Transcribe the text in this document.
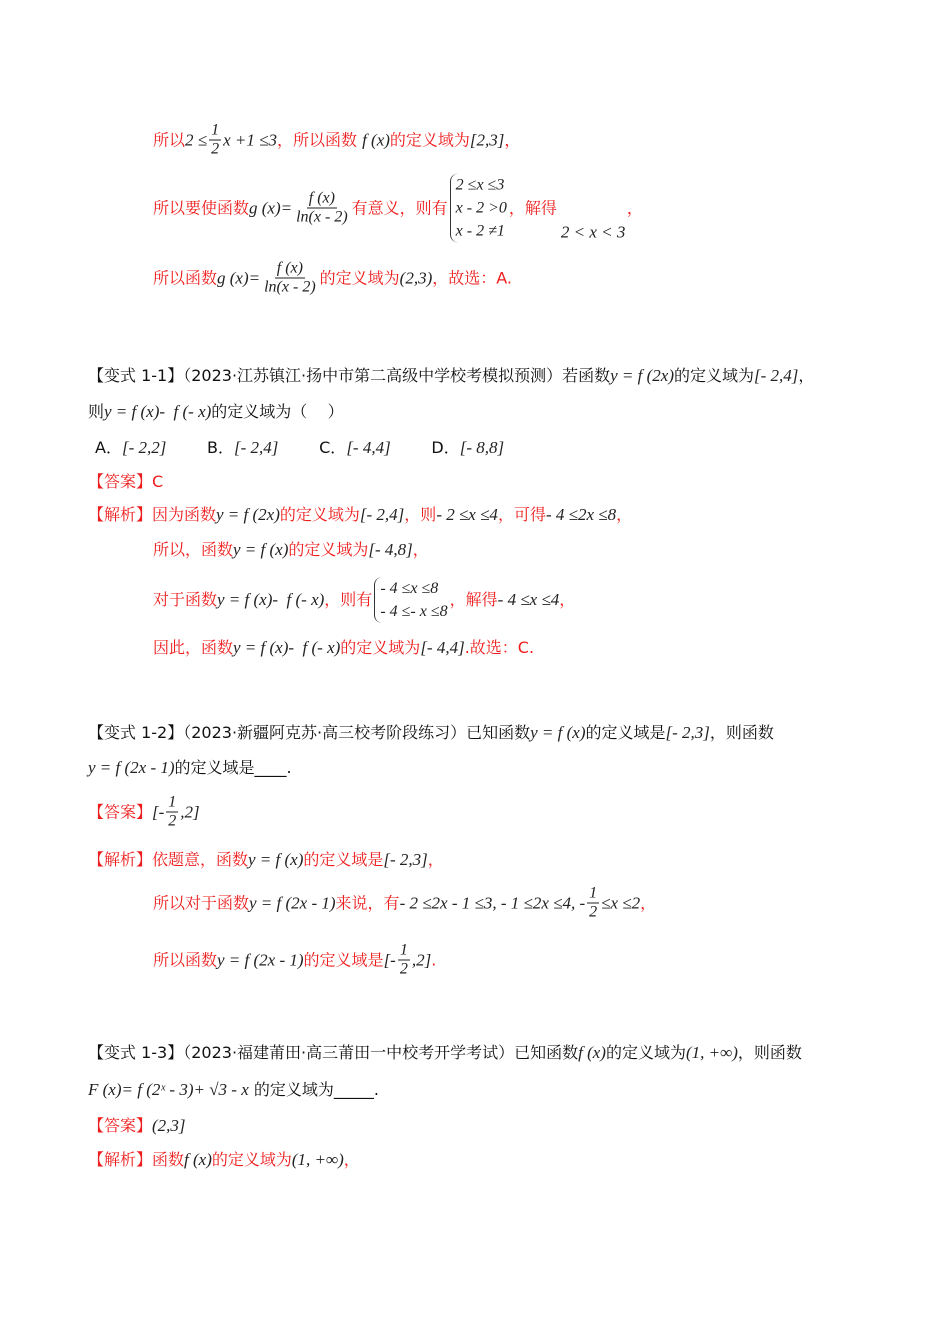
所以 $2 \le \frac{1}{2}$ x +1 ≤3 ，所以函数 f (x) 的定义域为 [2,3] ，
所以要使函数 g $(x)= \frac{f (x)}{\ln(x - 2)}$ 有意义，则有
2 ≤x ≤3
x - 2 >0
x - 2 ≠1
，解得
2 < x < 3
，
所以函数 g $(x)= \frac{f (x)}{\ln(x - 2)}$ 的定义域为 (2,3) ，故选：A.
【变式 1-1】（2023·江苏镇江·扬中市第二高级中学校考模拟预测）若函数 y = f (2x) 的定义域为 [- 2,4] ，
则 y = f (x)-  f (- x) 的定义域为（    ）
A． [- 2,2] B． [- 2,4] C． [- 4,4] D． [- 8,8]
【答案】C
【解析】因为函数 y = f (2x) 的定义域为 [- 2,4] ，则 - 2 ≤x ≤4 ，可得 - 4 ≤2x ≤8 ，
所以，函数 y = f (x) 的定义域为 [- 4,8] ，
对于函数 y = f (x)-  f (- x) ，则有
- 4 ≤x ≤8
- 4 ≤- x ≤8
，解得 - 4 ≤x ≤4 ，
因此，函数 y = f (x)-  f (- x) 的定义域为 [- 4,4] .故选：C.
【变式 1-2】（2023·新疆阿克苏·高三校考阶段练习）已知函数 y = f (x) 的定义域是 [- 2,3] ，则函数
y = f (2x - 1) 的定义域是____.
【答案】 [- $\frac{1}{2} ,2$]
【解析】依题意，函数 y = f (x) 的定义域是 [- 2,3] ，
所以对于函数 y = f (2x - 1) 来说，有 - 2 ≤2x - 1 ≤3, - 1 ≤2x ≤4, - $\frac{1}{2} \le x \le 2$ ，
所以函数 y = f (2x - 1) 的定义域是 [- $\frac{1}{2} ,2$] .
【变式 1-3】（2023·福建莆田·高三莆田一中校考开学考试）已知函数 f (x) 的定义域为 (1, +∞) ，则函数
F (x)= f (2ˣ - 3)+ √3 - x 的定义域为_____.
【答案】 (2,3]
【解析】函数 f (x) 的定义域为 (1, +∞) ，
